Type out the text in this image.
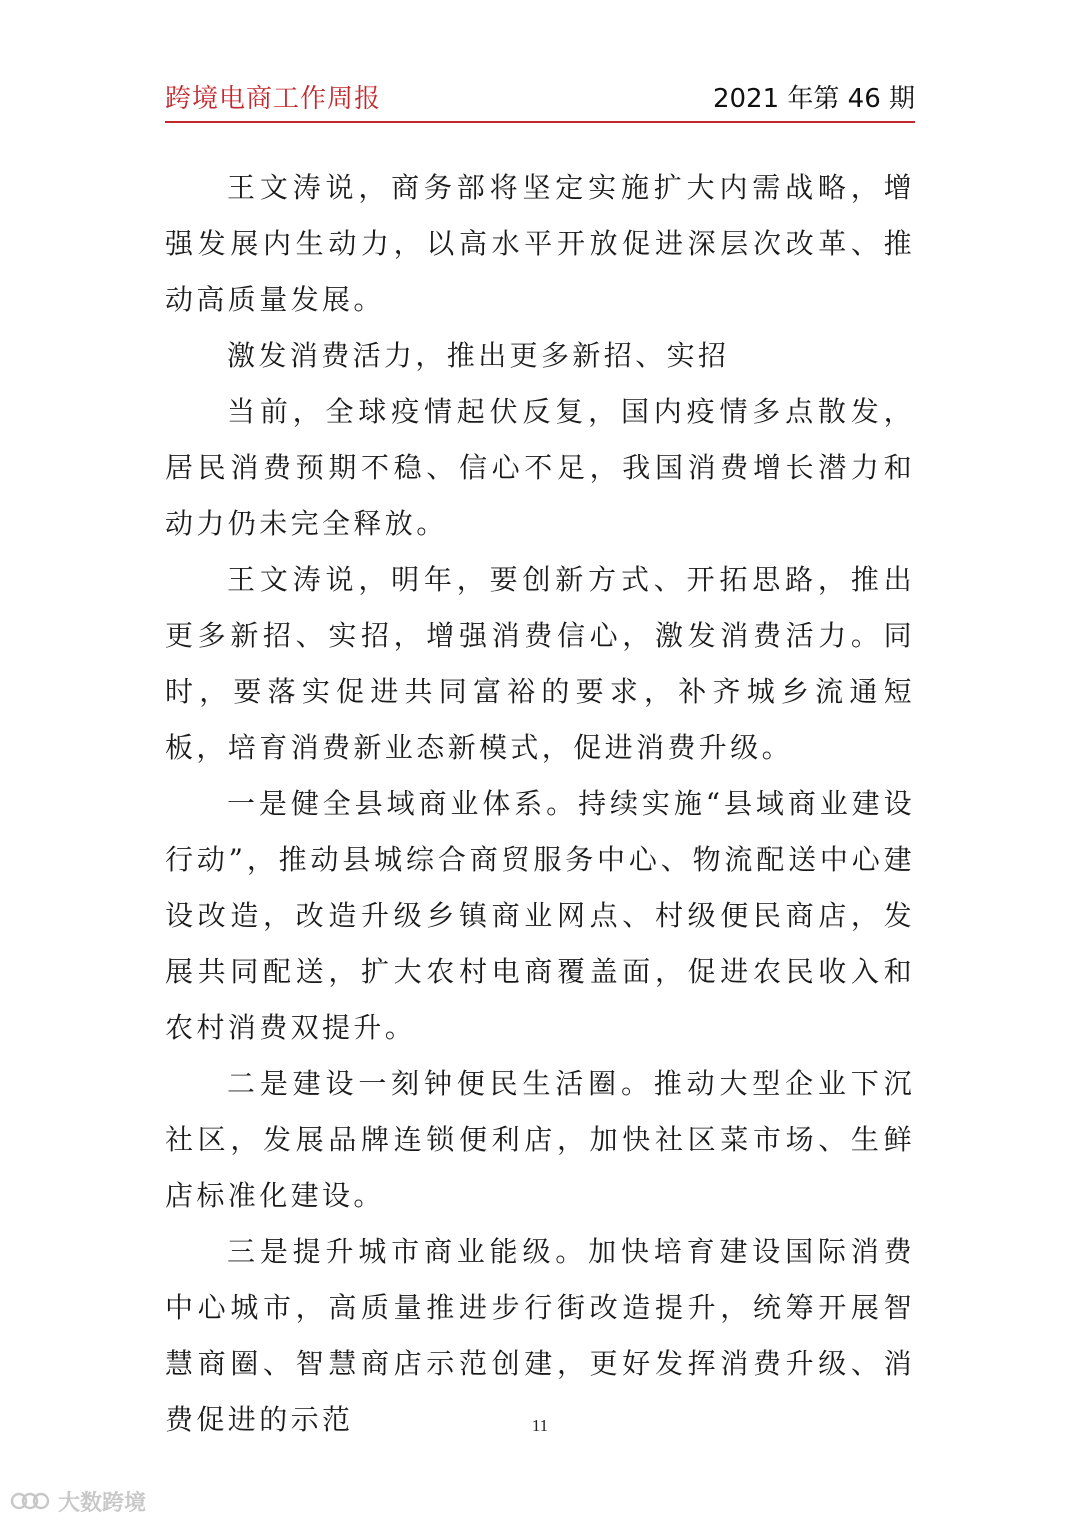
跨境电商工作周报	2021 年第 46 期

王文涛说，商务部将坚定实施扩大内需战略，增强发展内生动力，以高水平开放促进深层次改革、推动高质量发展。

激发消费活力，推出更多新招、实招

当前，全球疫情起伏反复，国内疫情多点散发，居民消费预期不稳、信心不足，我国消费增长潜力和动力仍未完全释放。

王文涛说，明年，要创新方式、开拓思路，推出更多新招、实招，增强消费信心，激发消费活力。同时，要落实促进共同富裕的要求，补齐城乡流通短板，培育消费新业态新模式，促进消费升级。

一是健全县域商业体系。持续实施“县域商业建设行动”，推动县城综合商贸服务中心、物流配送中心建设改造，改造升级乡镇商业网点、村级便民商店，发展共同配送，扩大农村电商覆盖面，促进农民收入和农村消费双提升。

二是建设一刻钟便民生活圈。推动大型企业下沉社区，发展品牌连锁便利店，加快社区菜市场、生鲜店标准化建设。

三是提升城市商业能级。加快培育建设国际消费中心城市，高质量推进步行街改造提升，统筹开展智慧商圈、智慧商店示范创建，更好发挥消费升级、消费促进的示范	11
大数跨境
